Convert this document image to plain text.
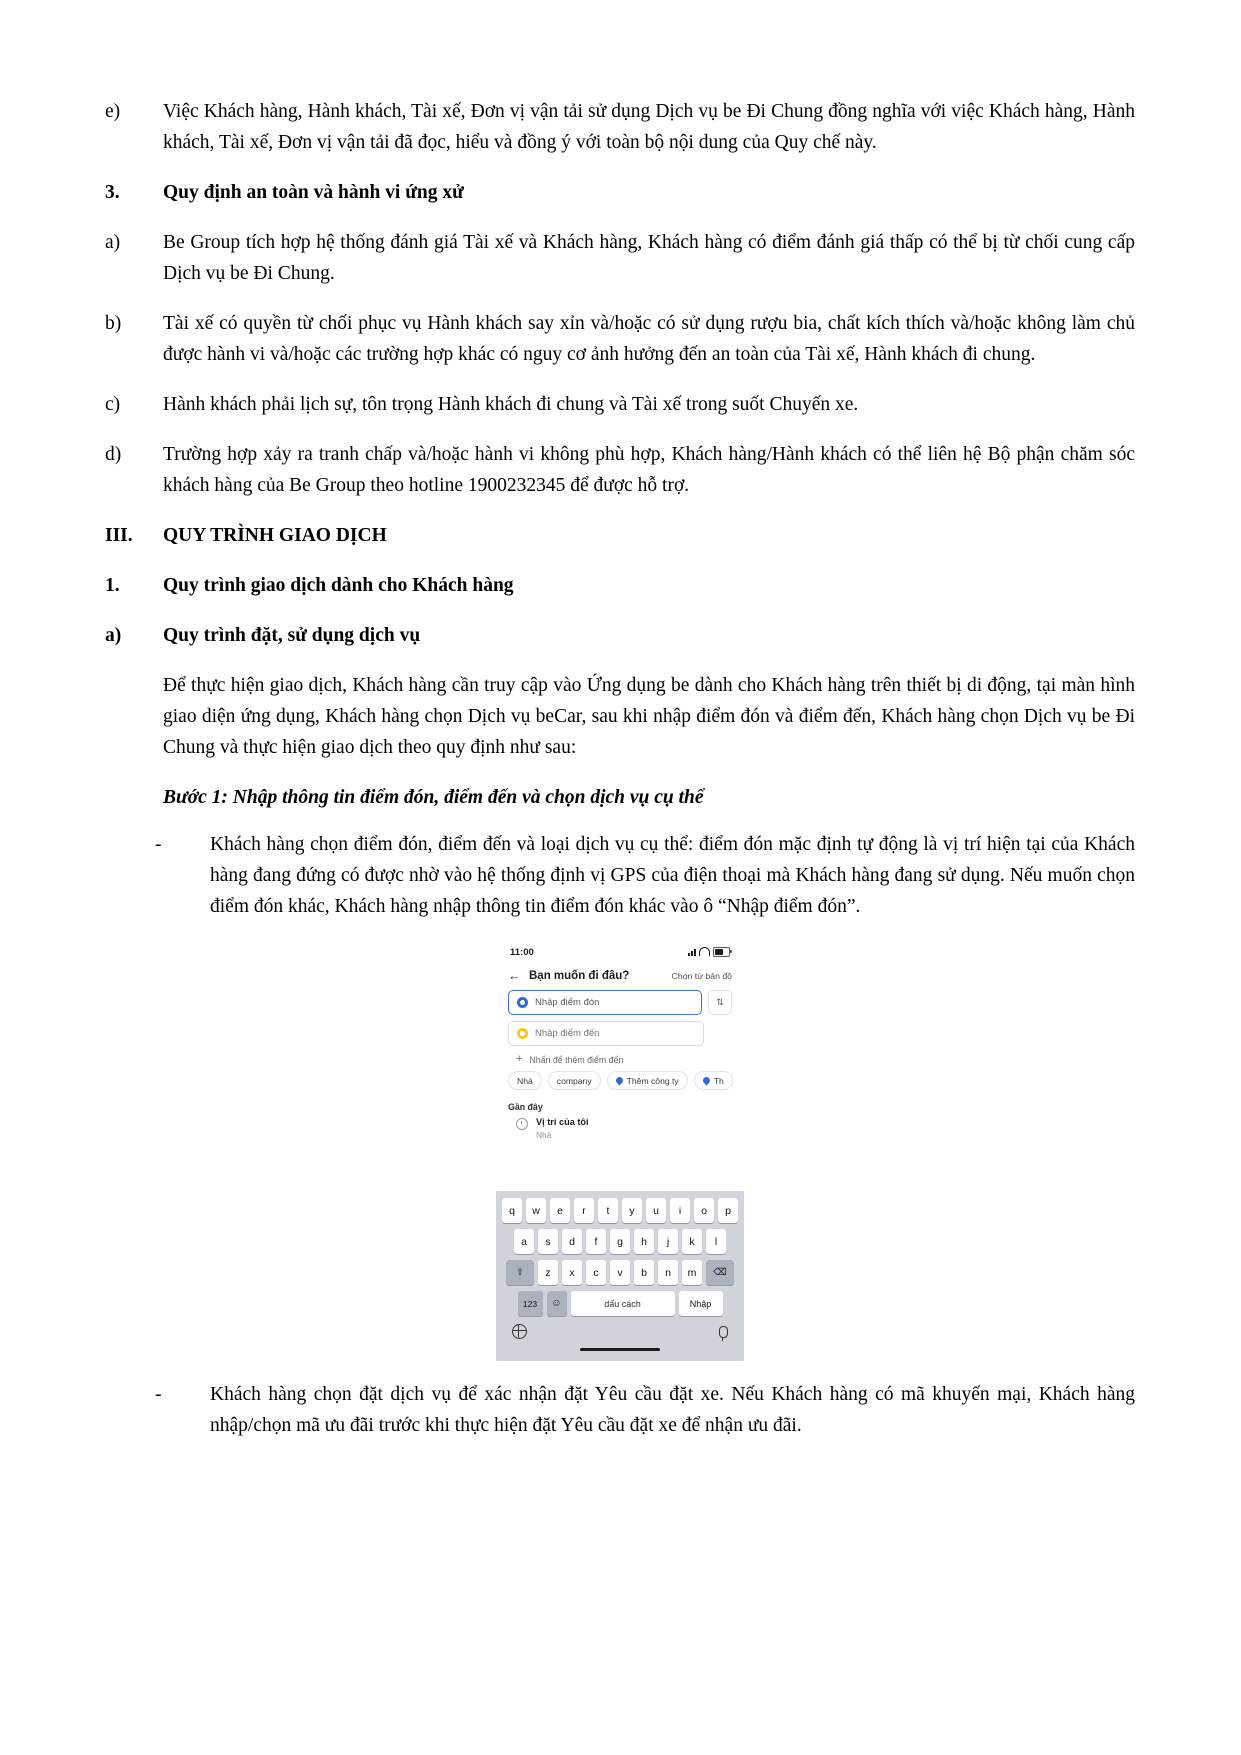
e)	Việc Khách hàng, Hành khách, Tài xế, Đơn vị vận tải sử dụng Dịch vụ be Đi Chung đồng nghĩa với việc Khách hàng, Hành khách, Tài xế, Đơn vị vận tải đã đọc, hiểu và đồng ý với toàn bộ nội dung của Quy chế này.
3.	Quy định an toàn và hành vi ứng xử
a)	Be Group tích hợp hệ thống đánh giá Tài xế và Khách hàng, Khách hàng có điểm đánh giá thấp có thể bị từ chối cung cấp Dịch vụ be Đi Chung.
b)	Tài xế có quyền từ chối phục vụ Hành khách say xỉn và/hoặc có sử dụng rượu bia, chất kích thích và/hoặc không làm chủ được hành vi và/hoặc các trường hợp khác có nguy cơ ảnh hưởng đến an toàn của Tài xế, Hành khách đi chung.
c)	Hành khách phải lịch sự, tôn trọng Hành khách đi chung và Tài xế trong suốt Chuyến xe.
d)	Trường hợp xảy ra tranh chấp và/hoặc hành vi không phù hợp, Khách hàng/Hành khách có thể liên hệ Bộ phận chăm sóc khách hàng của Be Group theo hotline 1900232345 để được hỗ trợ.
III.	QUY TRÌNH GIAO DỊCH
1.	Quy trình giao dịch dành cho Khách hàng
a)	Quy trình đặt, sử dụng dịch vụ
Để thực hiện giao dịch, Khách hàng cần truy cập vào Ứng dụng be dành cho Khách hàng trên thiết bị di động, tại màn hình giao diện ứng dụng, Khách hàng chọn Dịch vụ beCar, sau khi nhập điểm đón và điểm đến, Khách hàng chọn Dịch vụ be Đi Chung và thực hiện giao dịch theo quy định như sau:
Bước 1: Nhập thông tin điểm đón, điểm đến và chọn dịch vụ cụ thể
-	Khách hàng chọn điểm đón, điểm đến và loại dịch vụ cụ thể: điểm đón mặc định tự động là vị trí hiện tại của Khách hàng đang đứng có được nhờ vào hệ thống định vị GPS của điện thoại mà Khách hàng đang sử dụng. Nếu muốn chọn điểm đón khác, Khách hàng nhập thông tin điểm đón khác vào ô “Nhập điểm đón”.
11:00
← Bạn muốn đi đâu?	Chọn từ bản đồ
Nhập điểm đón	⇅
Nhập điểm đến
+ Nhấn để thêm điểm đến
Nhà	company	Thêm công ty	Th
Gần đây
Vị trí của tôi
Nhà
q	w	e	r	t	y	u	i	o	p
a	s	d	f	g	h	j	k	l
⇧	z	x	c	v	b	n	m	⌫
123	☺	dấu cách	Nhập
-	Khách hàng chọn đặt dịch vụ để xác nhận đặt Yêu cầu đặt xe. Nếu Khách hàng có mã khuyến mại, Khách hàng nhập/chọn mã ưu đãi trước khi thực hiện đặt Yêu cầu đặt xe để nhận ưu đãi.
